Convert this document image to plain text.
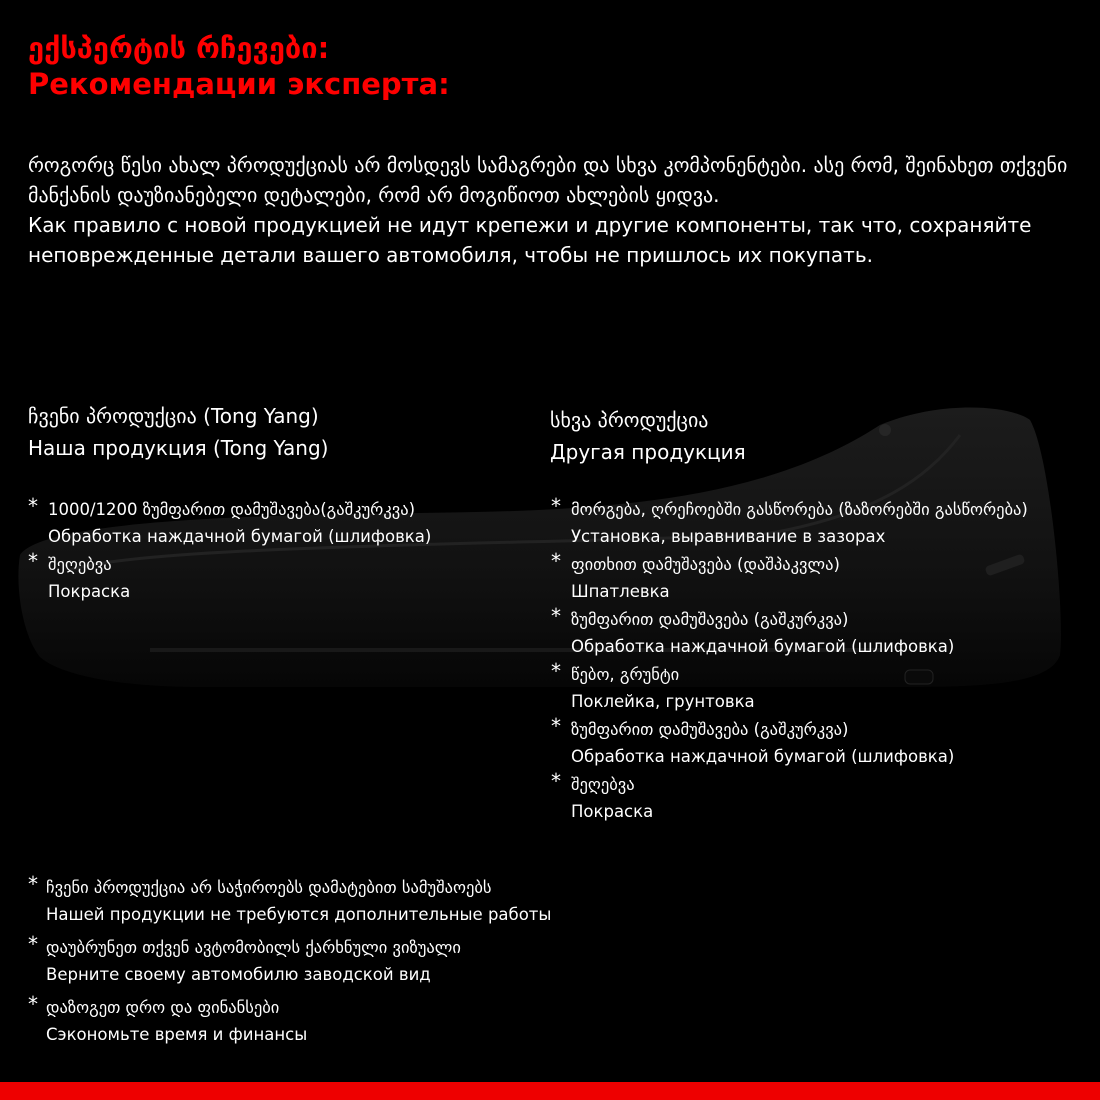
ექსპერტის რჩევები:
Рекомендации эксперта:

როგორც წესი ახალ პროდუქციას არ მოსდევს სამაგრები და სხვა კომპონენტები. ასე რომ, შეინახეთ თქვენი მანქანის დაუზიანებელი დეტალები, რომ არ მოგიწიოთ ახლების ყიდვა.

Как правило с новой продукцией не идут крепежи и другие компоненты, так что, сохраняйте неповрежденные детали вашего автомобиля, чтобы не пришлось их покупать.

ჩვენი პროდუქცია (Tong Yang)
Наша продукция (Tong Yang)
სხვა პროდუქცია
Другая продукция
* 1000/1200 ზუმფარით დამუშავება(გაშკურკვა)
Обработка наждачной бумагой (шлифовка)
* შეღებვა
Покраска
* მორგება, ღრეჩოებში გასწორება (ზაზორებში გასწორება)
Установка, выравнивание в зазорах
* ფითხით დამუშავება (დაშპაკვლა)
Шпатлевка
* ზუმფარით დამუშავება (გაშკურკვა)
Обработка наждачной бумагой (шлифовка)
* წებო, გრუნტი
Поклейка, грунтовка
* ზუმფარით დამუშავება (გაშკურკვა)
Обработка наждачной бумагой (шлифовка)
* შეღებვა
Покраска
* ჩვენი პროდუქცია არ საჭიროებს დამატებით სამუშაოებს
Нашей продукции не требуются дополнительные работы
* დაუბრუნეთ თქვენ ავტომობილს ქარხნული ვიზუალი
Верните своему автомобилю заводской вид
* დაზოგეთ დრო და ფინანსები
Сэкономьте время и финансы
